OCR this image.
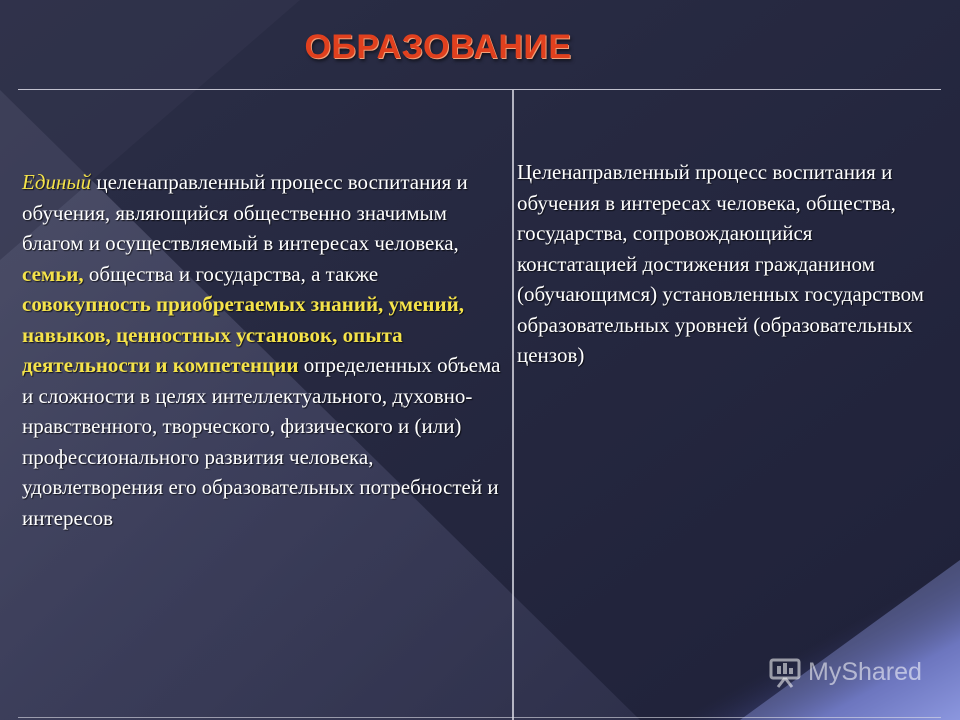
ОБРАЗОВАНИЕ
Единый целенаправленный процесс воспитания и обучения, являющийся общественно значимым благом и осуществляемый в интересах человека, семьи, общества и государства, а также совокупность приобретаемых знаний, умений, навыков, ценностных установок, опыта деятельности и компетенции определенных объема и сложности в целях интеллектуального, духовно-нравственного, творческого, физического и (или) профессионального развития человека, удовлетворения его образовательных потребностей и интересов
Целенаправленный процесс воспитания и обучения в интересах человека, общества, государства, сопровождающийся констатацией достижения гражданином (обучающимся) установленных государством образовательных уровней (образовательных цензов)
MyShared
